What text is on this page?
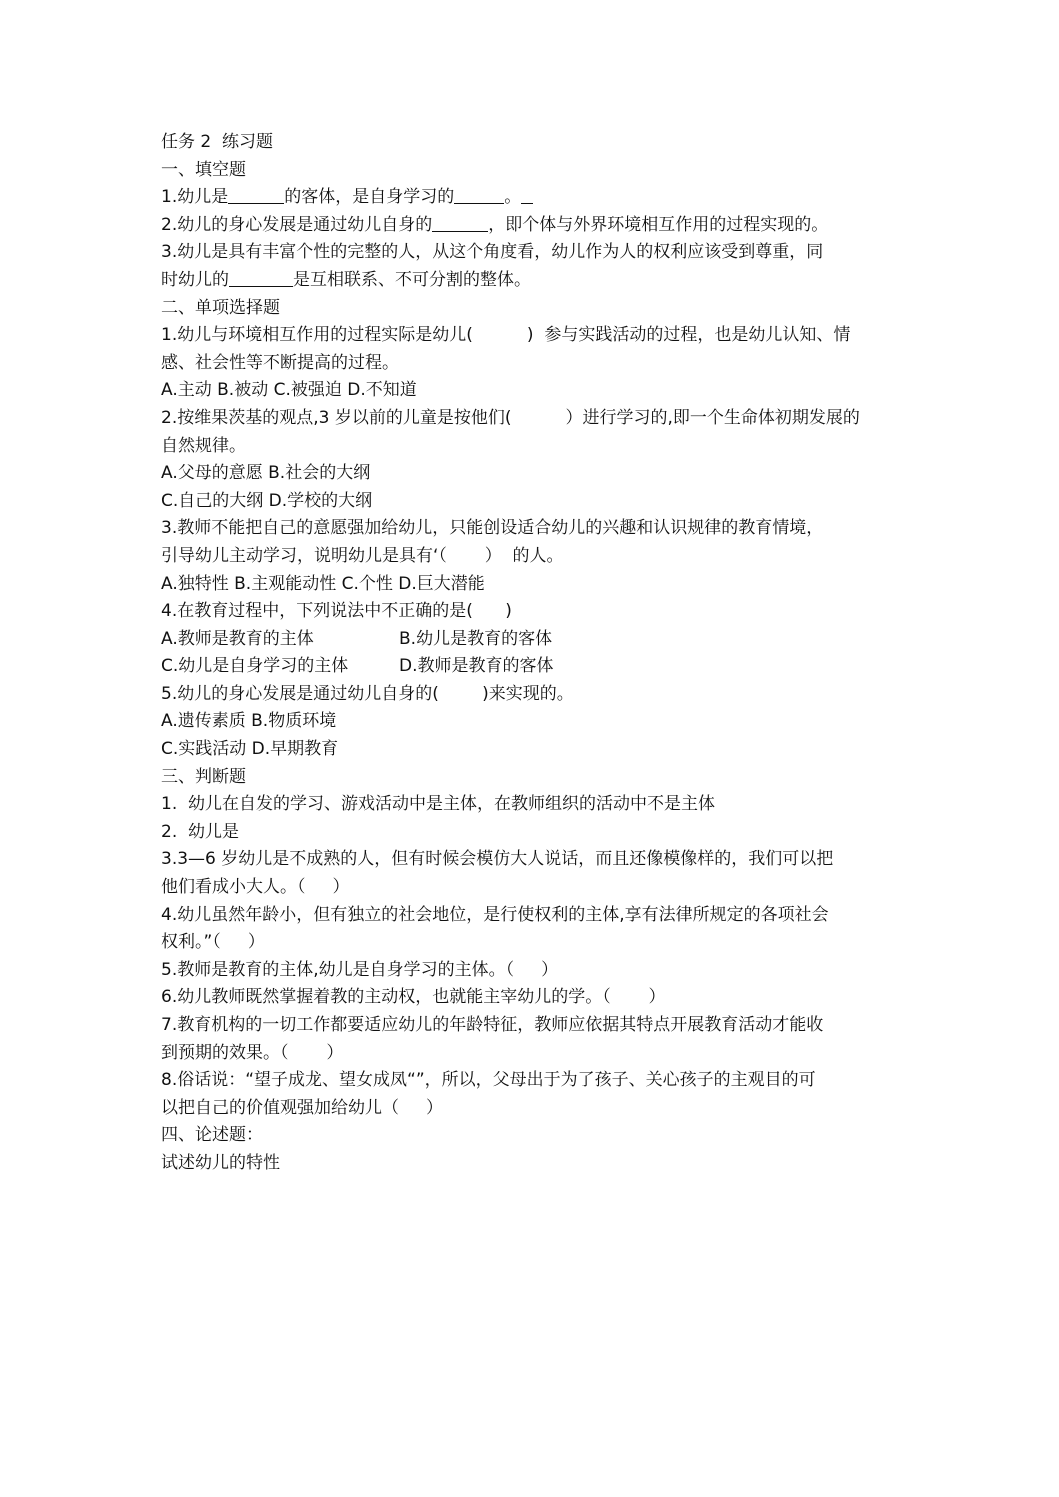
任务 2  练习题
一、填空题
1.幼儿是	的客体，是自身学习的	。
2.幼儿的身心发展是通过幼儿自身的	，即个体与外界环境相互作用的过程实现的。
3.幼儿是具有丰富个性的完整的人，从这个角度看，幼儿作为人的权利应该受到尊重，同
时幼儿的	是互相联系、不可分割的整体。
二、单项选择题
1.幼儿与环境相互作用的过程实际是幼儿(          )  参与实践活动的过程，也是幼儿认知、情
感、社会性等不断提高的过程。
A.主动 B.被动 C.被强迫 D.不知道
2.按维果茨基的观点,3 岁以前的儿童是按他们(          ）进行学习的,即一个生命体初期发展的
自然规律。
A.父母的意愿 B.社会的大纲
C.自己的大纲 D.学校的大纲
3.教师不能把自己的意愿强加给幼儿，只能创设适合幼儿的兴趣和认识规律的教育情境，
引导幼儿主动学习，说明幼儿是具有‘（       ）  的人。
A.独特性 B.主观能动性 C.个性 D.巨大潜能
4.在教育过程中，下列说法中不正确的是(      )
A.教师是教育的主体	B.幼儿是教育的客体
C.幼儿是自身学习的主体	D.教师是教育的客体
5.幼儿的身心发展是通过幼儿自身的(        )来实现的。
A.遗传素质 B.物质环境
C.实践活动 D.早期教育
三、判断题
1.  幼儿在自发的学习、游戏活动中是主体，在教师组织的活动中不是主体
2.  幼儿是
3.3—6 岁幼儿是不成熟的人，但有时候会模仿大人说话，而且还像模像样的，我们可以把
他们看成小大人。（     ）
4.幼儿虽然年龄小，但有独立的社会地位，是行使权利的主体,享有法律所规定的各项社会
权利。”（     ）
5.教师是教育的主体,幼儿是自身学习的主体。（     ）
6.幼儿教师既然掌握着教的主动权，也就能主宰幼儿的学。（       ）
7.教育机构的一切工作都要适应幼儿的年龄特征，教师应依据其特点开展教育活动才能收
到预期的效果。（       ）
8.俗话说：“望子成龙、望女成凤“”，所以，父母出于为了孩子、关心孩子的主观目的可
以把自己的价值观强加给幼儿（     ）
四、论述题：
试述幼儿的特性
